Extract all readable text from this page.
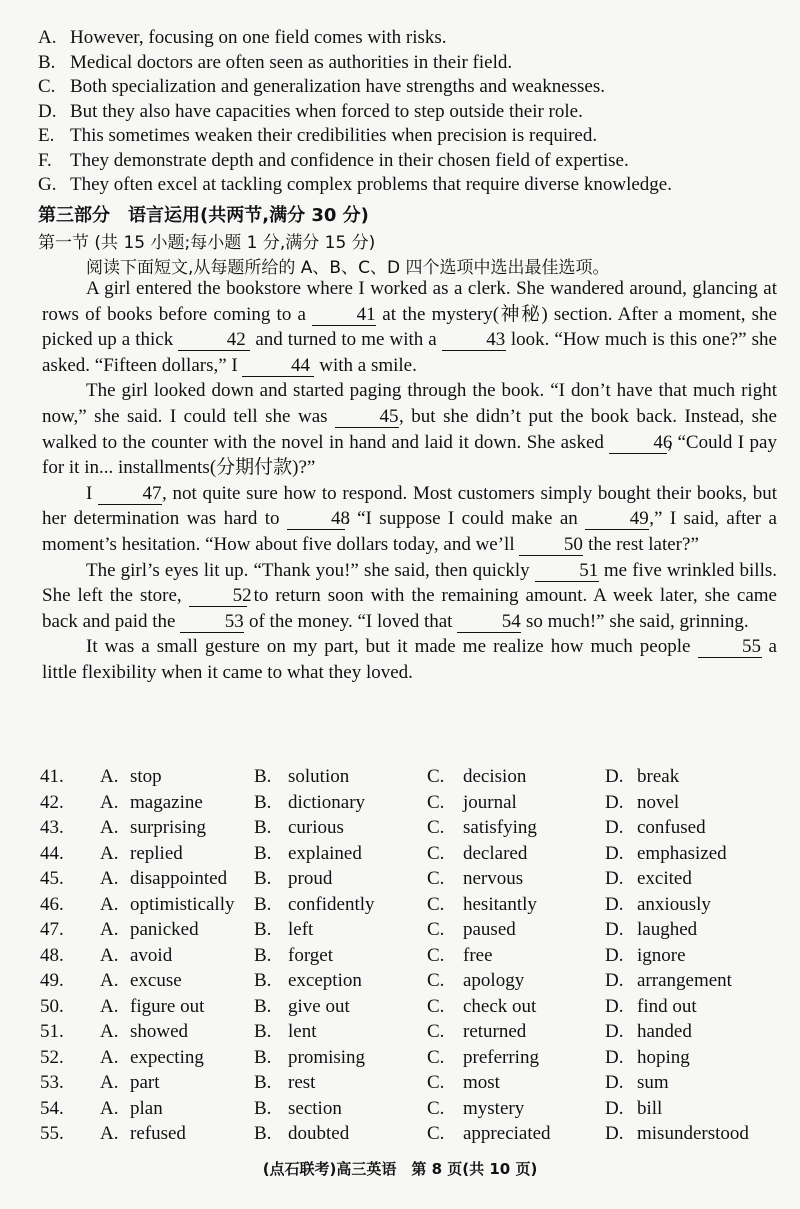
A. However, focusing on one field comes with risks.
B. Medical doctors are often seen as authorities in their field.
C. Both specialization and generalization have strengths and weaknesses.
D. But they also have capacities when forced to step outside their role.
E. This sometimes weaken their credibilities when precision is required.
F. They demonstrate depth and confidence in their chosen field of expertise.
G. They often excel at tackling complex problems that require diverse knowledge.
第三部分　语言运用(共两节,满分 30 分)
第一节 (共 15 小题;每小题 1 分,满分 15 分)
阅读下面短文,从每题所给的 A、B、C、D 四个选项中选出最佳选项。

A girl entered the bookstore where I worked as a clerk. She wandered around, glancing at rows of books before coming to a 41 at the mystery(神秘) section. After a moment, she picked up a thick	42 and turned to me with a 43 look. “How much is this one?” she asked. “Fifteen dollars,” I	44 with a smile.

The girl looked down and started paging through the book. “I don’t have that much right now,” she said. I could tell she was 45, but she didn’t put the book back. Instead, she walked to the counter with the novel in hand and laid it down. She asked 46, “Could I pay for it in... installments(分期付款)?”

I 47, not quite sure how to respond. Most customers simply bought their books, but her determination was hard to 48. “I suppose I could make an 49,” I said, after a moment’s hesitation. “How about five dollars today, and we’ll 50 the rest later?”

The girl’s eyes lit up. “Thank you!” she said, then quickly 51 me five wrinkled bills. She left the store, 52 to return soon with the remaining amount. A week later, she came back and paid the 53 of the money. “I loved that 54 so much!” she said, grinning.

It was a small gesture on my part, but it made me realize how much people 55 a little flexibility when it came to what they loved.

41. A. stop	B. solution	C. decision	D. break
42. A. magazine	B. dictionary	C. journal	D. novel
43. A. surprising	B. curious	C. satisfying	D. confused
44. A. replied	B. explained	C. declared	D. emphasized
45. A. disappointed B. proud	C. nervous	D. excited
46. A. optimistically B. confidently	C. hesitantly	D. anxiously
47. A. panicked	B. left	C. paused	D. laughed
48. A. avoid	B. forget	C. free	D. ignore
49. A. excuse	B. exception	C. apology	D. arrangement
50. A. figure out	B. give out	C. check out	D. find out
51. A. showed	B. lent	C. returned	D. handed
52. A. expecting	B. promising	C. preferring	D. hoping
53. A. part	B. rest	C. most	D. sum
54. A. plan	B. section	C. mystery	D. bill
55. A. refused	B. doubted	C. appreciated	D. misunderstood
(点石联考)高三英语　第 8 页(共 10 页)
